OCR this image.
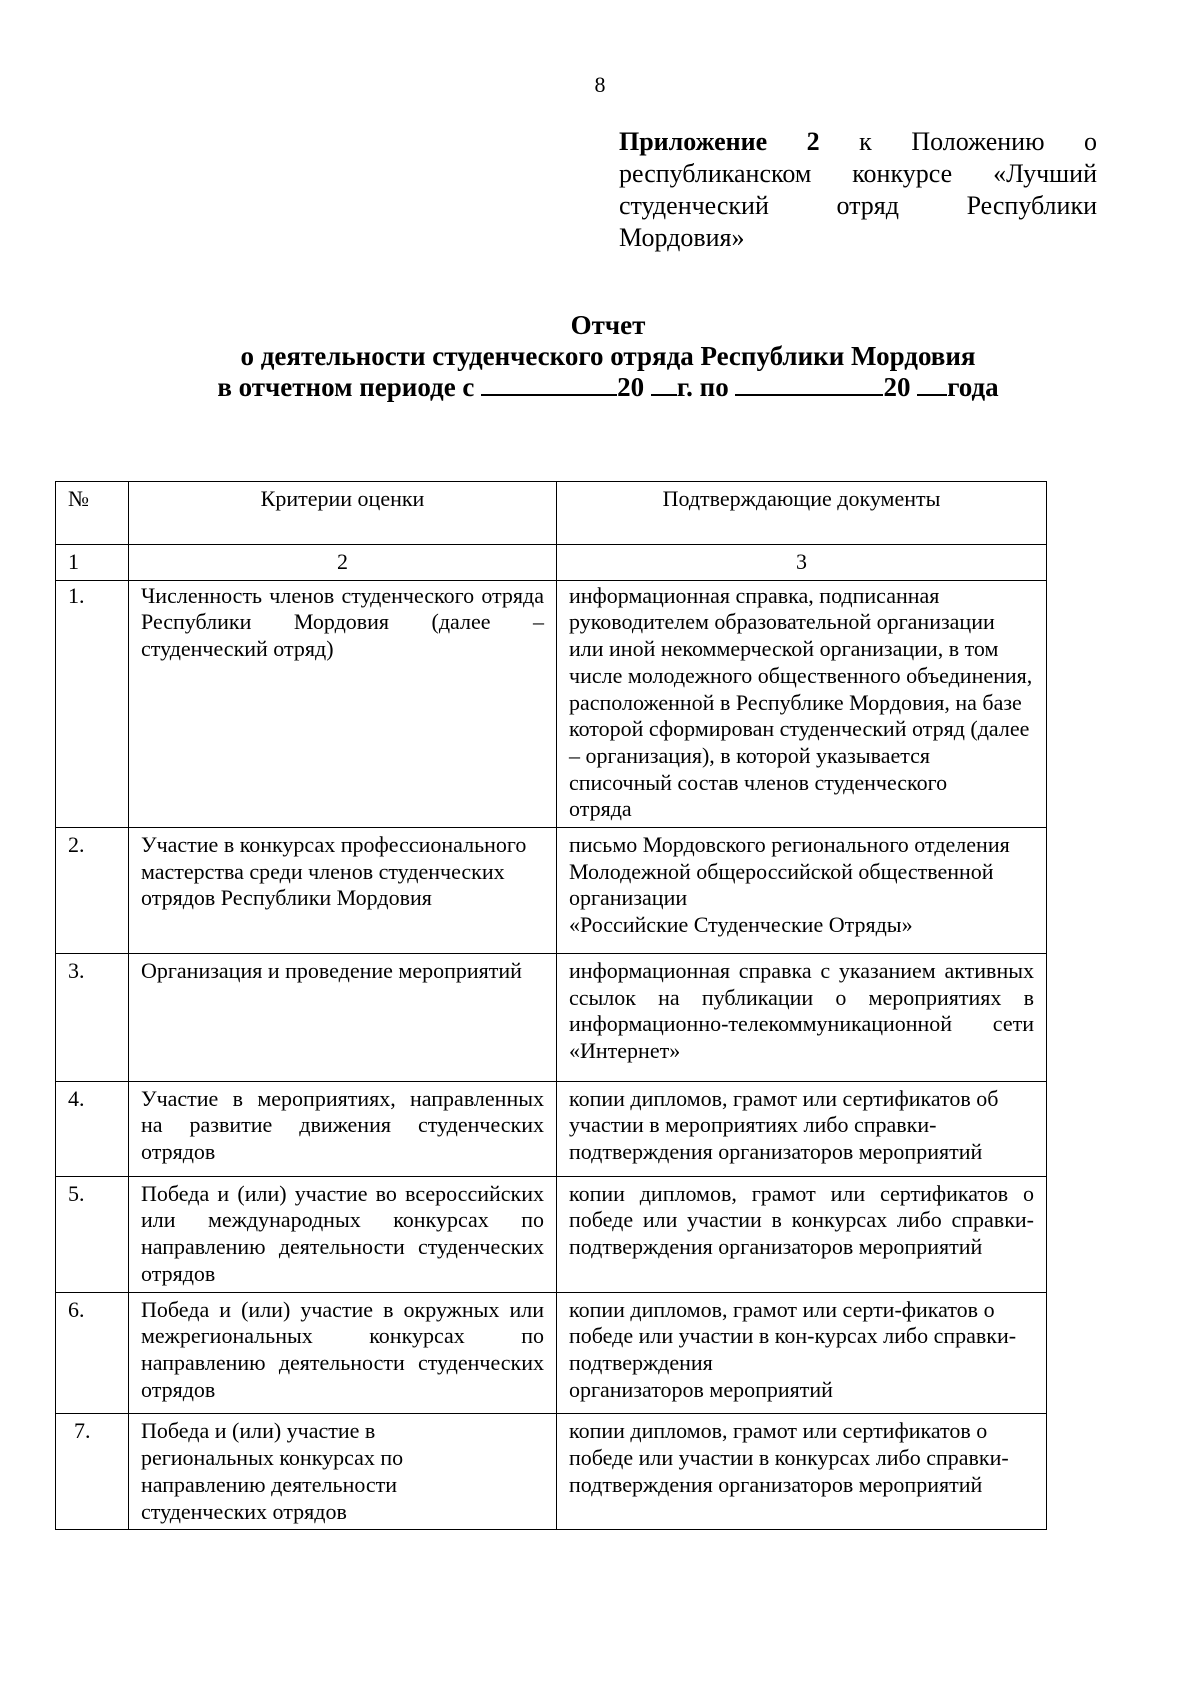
8
Приложение 2 к Положению о республиканском конкурсе «Лучший студенческий отряд Республики Мордовия»
Отчет
о деятельности студенческого отряда Республики Мордовия
в отчетном периоде с	20 г. по	20 года
№	Критерии оценки	Подтверждающие документы
1	2	3
1.	Численность членов студенческого отряда Республики Мордовия (далее – студенческий отряд)	информационная справка, подписанная руководителем образовательной организации или иной некоммерческой организации, в том числе молодежного общественного объединения, расположенной в Республике Мордовия, на базе которой сформирован студенческий отряд (далее – организация), в которой указывается списочный состав членов студенческого
отряда

2.	Участие в конкурсах профессионального мастерства среди членов студенческих отрядов Республики Мордовия	письмо Мордовского регионального отделения Молодежной общероссийской общественной организации
«Российские Студенческие Отряды»

3.	Организация и проведение мероприятий	информационная справка с указанием активных ссылок на публикации о мероприятиях в информационно-телекоммуникационной сети «Интернет»
4.	Участие в мероприятиях, направленных на развитие движения студенческих отрядов	копии дипломов, грамот или сертификатов об участии в мероприятиях либо справки-подтверждения организаторов мероприятий
5.	Победа и (или) участие во всероссийских или международных конкурсах по направлению деятельности студенческих отрядов	копии дипломов, грамот или сертификатов о победе или участии в конкурсах либо справки-подтверждения организаторов мероприятий
6.	Победа и (или) участие в окружных или межрегиональных конкурсах по направлению деятельности студенческих отрядов	копии дипломов, грамот или серти-фикатов о победе или участии в кон-курсах либо справки-подтверждения
организаторов мероприятий

7.	Победа и (или) участие в региональных конкурсах по направлению деятельности студенческих отрядов	копии дипломов, грамот или сертификатов о победе или участии в конкурсах либо справки-подтверждения организаторов мероприятий
